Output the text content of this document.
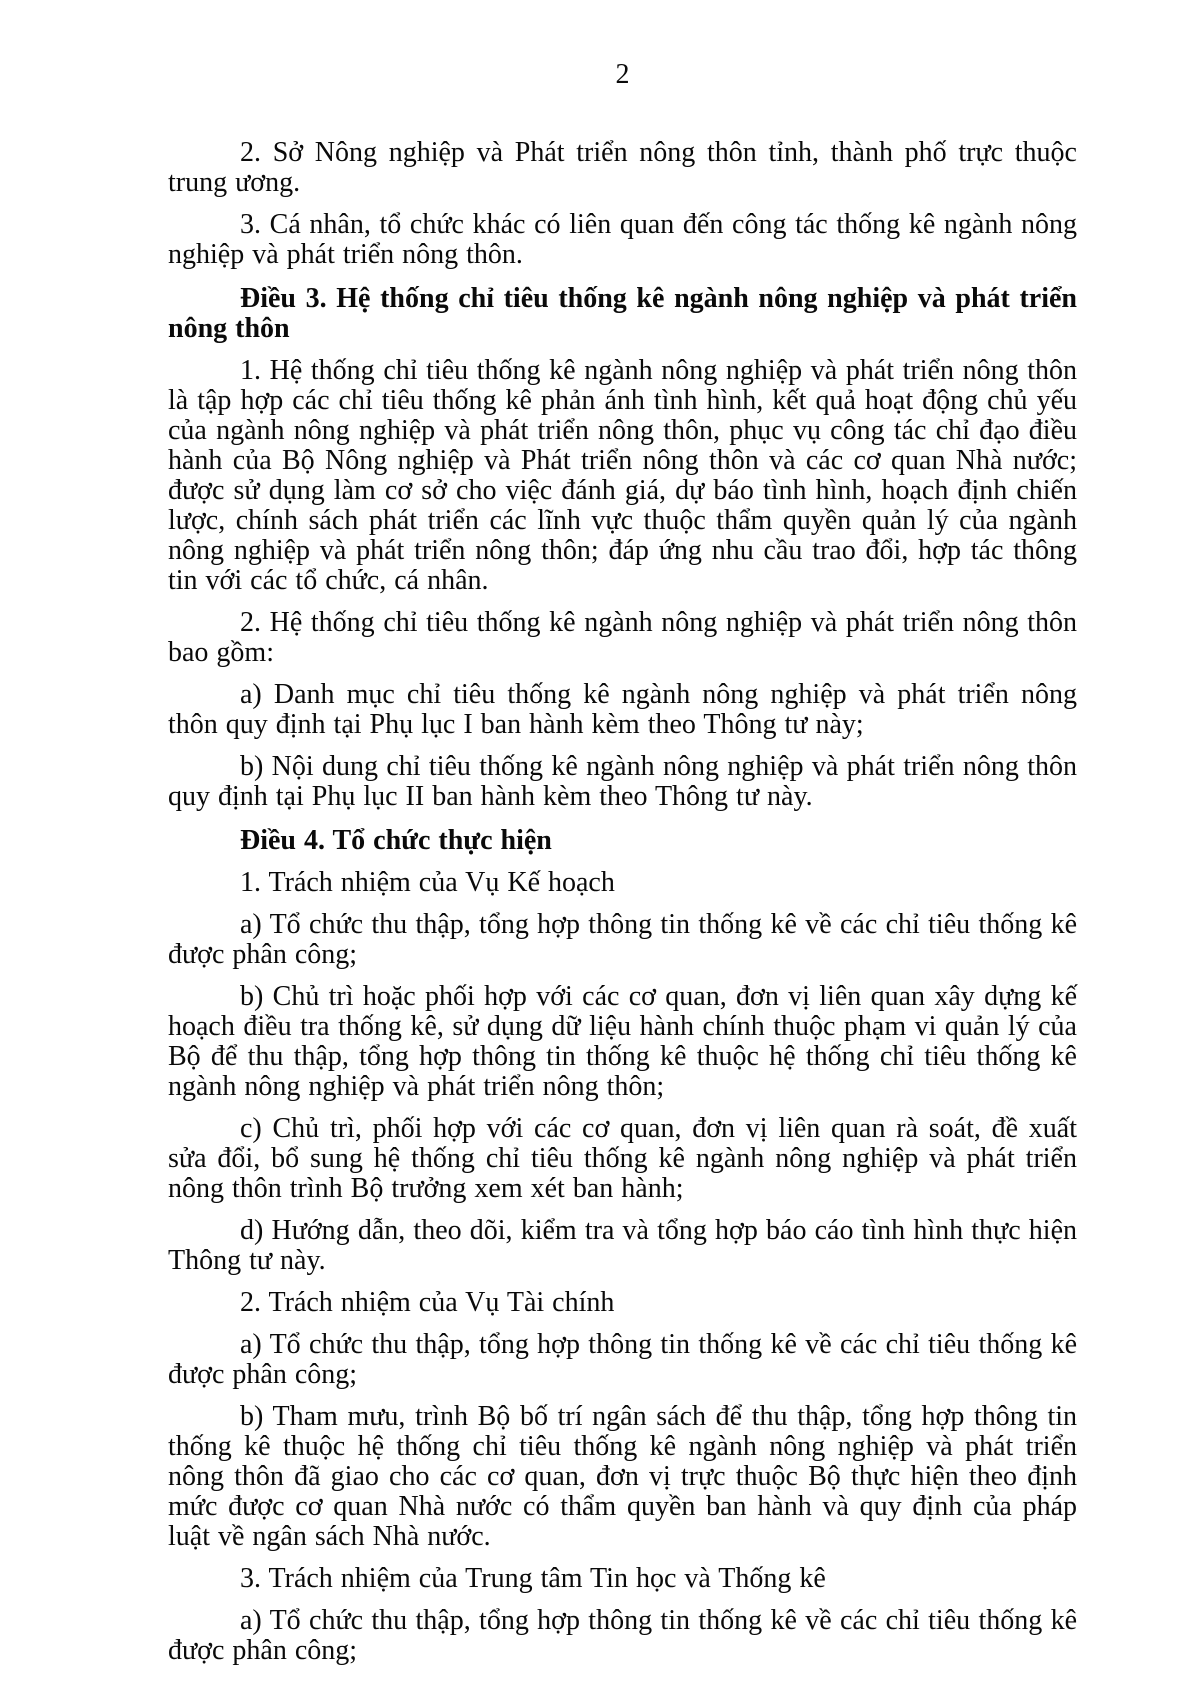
2

2. Sở Nông nghiệp và Phát triển nông thôn tỉnh, thành phố trực thuộc trung ương.

3. Cá nhân, tổ chức khác có liên quan đến công tác thống kê ngành nông nghiệp và phát triển nông thôn.

Điều 3. Hệ thống chỉ tiêu thống kê ngành nông nghiệp và phát triển nông thôn

1. Hệ thống chỉ tiêu thống kê ngành nông nghiệp và phát triển nông thôn là tập hợp các chỉ tiêu thống kê phản ánh tình hình, kết quả hoạt động chủ yếu của ngành nông nghiệp và phát triển nông thôn, phục vụ công tác chỉ đạo điều hành của Bộ Nông nghiệp và Phát triển nông thôn và các cơ quan Nhà nước; được sử dụng làm cơ sở cho việc đánh giá, dự báo tình hình, hoạch định chiến lược, chính sách phát triển các lĩnh vực thuộc thẩm quyền quản lý của ngành nông nghiệp và phát triển nông thôn; đáp ứng nhu cầu trao đổi, hợp tác thông tin với các tổ chức, cá nhân.

2. Hệ thống chỉ tiêu thống kê ngành nông nghiệp và phát triển nông thôn bao gồm:

a) Danh mục chỉ tiêu thống kê ngành nông nghiệp và phát triển nông thôn quy định tại Phụ lục I ban hành kèm theo Thông tư này;

b) Nội dung chỉ tiêu thống kê ngành nông nghiệp và phát triển nông thôn quy định tại Phụ lục II ban hành kèm theo Thông tư này.

Điều 4. Tổ chức thực hiện

1. Trách nhiệm của Vụ Kế hoạch

a) Tổ chức thu thập, tổng hợp thông tin thống kê về các chỉ tiêu thống kê được phân công;

b) Chủ trì hoặc phối hợp với các cơ quan, đơn vị liên quan xây dựng kế hoạch điều tra thống kê, sử dụng dữ liệu hành chính thuộc phạm vi quản lý của Bộ để thu thập, tổng hợp thông tin thống kê thuộc hệ thống chỉ tiêu thống kê ngành nông nghiệp và phát triển nông thôn;

c) Chủ trì, phối hợp với các cơ quan, đơn vị liên quan rà soát, đề xuất sửa đổi, bổ sung hệ thống chỉ tiêu thống kê ngành nông nghiệp và phát triển nông thôn trình Bộ trưởng xem xét ban hành;

d) Hướng dẫn, theo dõi, kiểm tra và tổng hợp báo cáo tình hình thực hiện Thông tư này.

2. Trách nhiệm của Vụ Tài chính

a) Tổ chức thu thập, tổng hợp thông tin thống kê về các chỉ tiêu thống kê được phân công;

b) Tham mưu, trình Bộ bố trí ngân sách để thu thập, tổng hợp thông tin thống kê thuộc hệ thống chỉ tiêu thống kê ngành nông nghiệp và phát triển nông thôn đã giao cho các cơ quan, đơn vị trực thuộc Bộ thực hiện theo định mức được cơ quan Nhà nước có thẩm quyền ban hành và quy định của pháp luật về ngân sách Nhà nước.

3. Trách nhiệm của Trung tâm Tin học và Thống kê

a) Tổ chức thu thập, tổng hợp thông tin thống kê về các chỉ tiêu thống kê được phân công;
